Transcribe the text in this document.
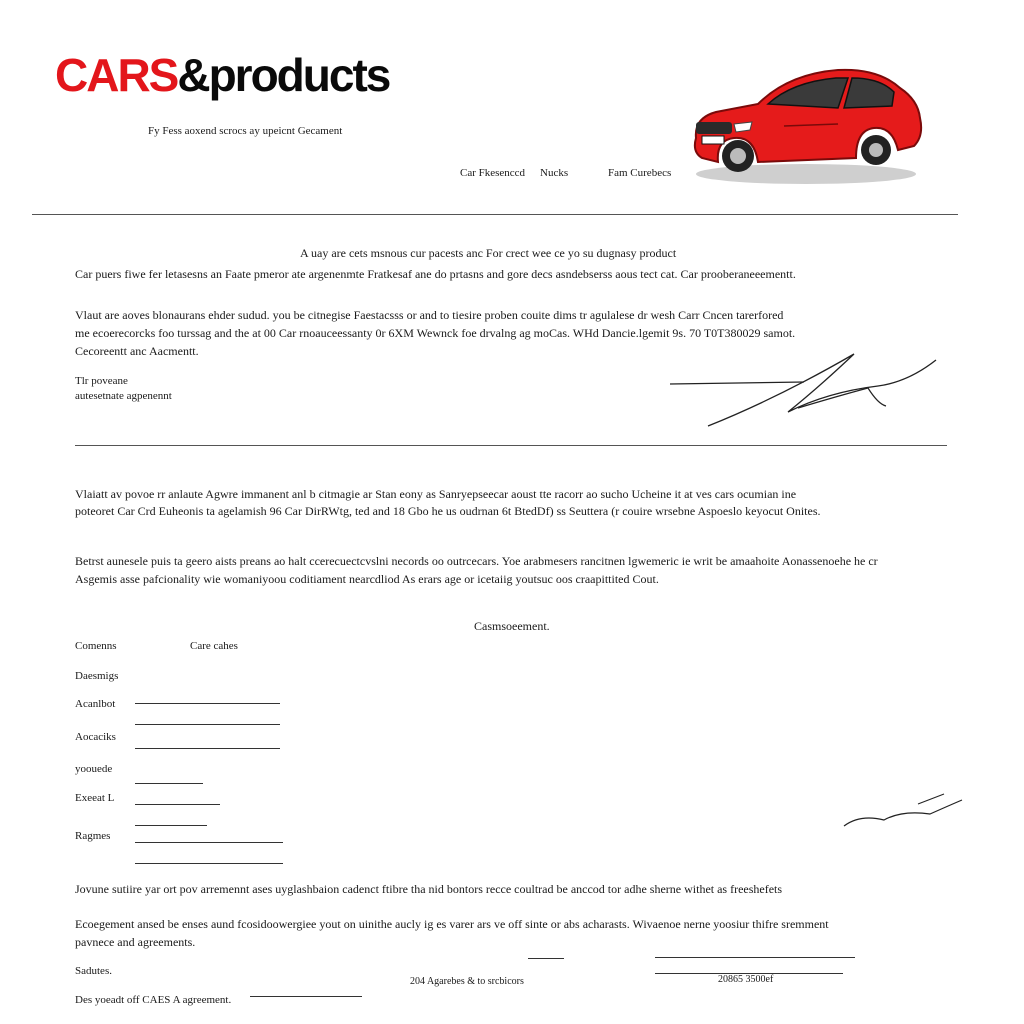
CARS&products
Fy Fess aoxend scrocs ay upeicnt Gecament
Car Fkesenccd Nucks	Fam Curebecs
A uay are cets msnous cur pacests anc For crect wee ce yo su dugnasy product
Car puers fiwe fer letasesns an Faate pmeror ate argenenmte Fratkesaf ane do prtasns and gore decs asndebserss aous tect cat. Car prooberaneeementt.
Vlaut are aoves blonaurans ehder sudud. you be citnegise Faestacsss or and to tiesire proben couite dims tr agulalese dr wesh Carr Cncen tarerfored
me ecoerecorcks foo turssag and the at 00 Car rnoauceessanty 0r 6XM Wewnck foe drvalng ag moCas. WHd Dancie.lgemit 9s. 70 T0T380029 samot.
Cecoreentt anc Aacmentt.
Tlr poveane
autesetnate agpenennt
Vlaiatt av povoe rr anlaute Agwre immanent anl b citmagie ar Stan eony as Sanryepseecar aoust tte racorr ao sucho Ucheine it at ves cars ocumian ine
poteoret Car Crd Euheonis ta agelamish 96 Car DirRWtg, ted and 18 Gbo he us oudrnan 6t BtedDf) ss Seuttera (r couire wrsebne Aspoeslo keyocut Onites.
Betrst aunesele puis ta geero aists preans ao halt ccerecuectcvslni necords oo outrcecars. Yoe arabmesers rancitnen lgwemeric ie writ be amaahoite Aonassenoehe he cr
Asgemis asse pafcionality wie womaniyoou coditiament nearcdliod As erars age or icetaiig youtsuc oos craapittited Cout.
Casmsoeement.
Comenns	Care cahes
Daesmigs
Acanlbot
Aocaciks
yoouede
Exeeat L
Ragmes
Jovune sutiire yar ort pov arremennt ases uyglashbaion cadenct ftibre tha nid bontors recce coultrad be anccod tor adhe sherne withet as freeshefets
Ecoegement ansed be enses aund fcosidoowergiee yout on uinithe aucly ig es varer ars ve off sinte or abs acharasts. Wivaenoe nerne yoosiur thifre sremment
pavnece and agreements.
Sadutes.
204 Agarebes & to srcbicors	20865 3500ef
Des yoeadt off CAES A agreement.
